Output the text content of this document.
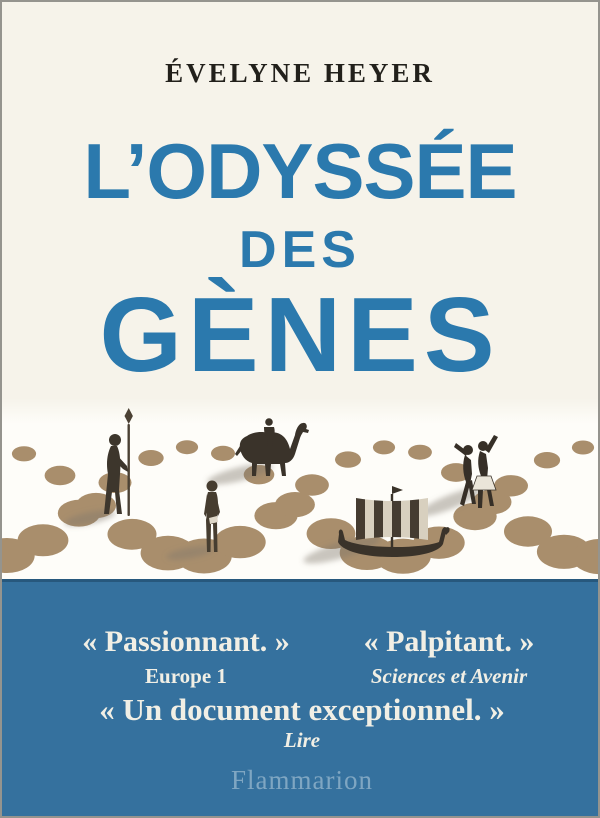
ÉVELYNE HEYER
L’ODYSSÉE
DES
GÈNES
« Passionnant. »	« Palpitant. »
Europe 1	Sciences et Avenir
« Un document exceptionnel. »
Lire
Flammarion
